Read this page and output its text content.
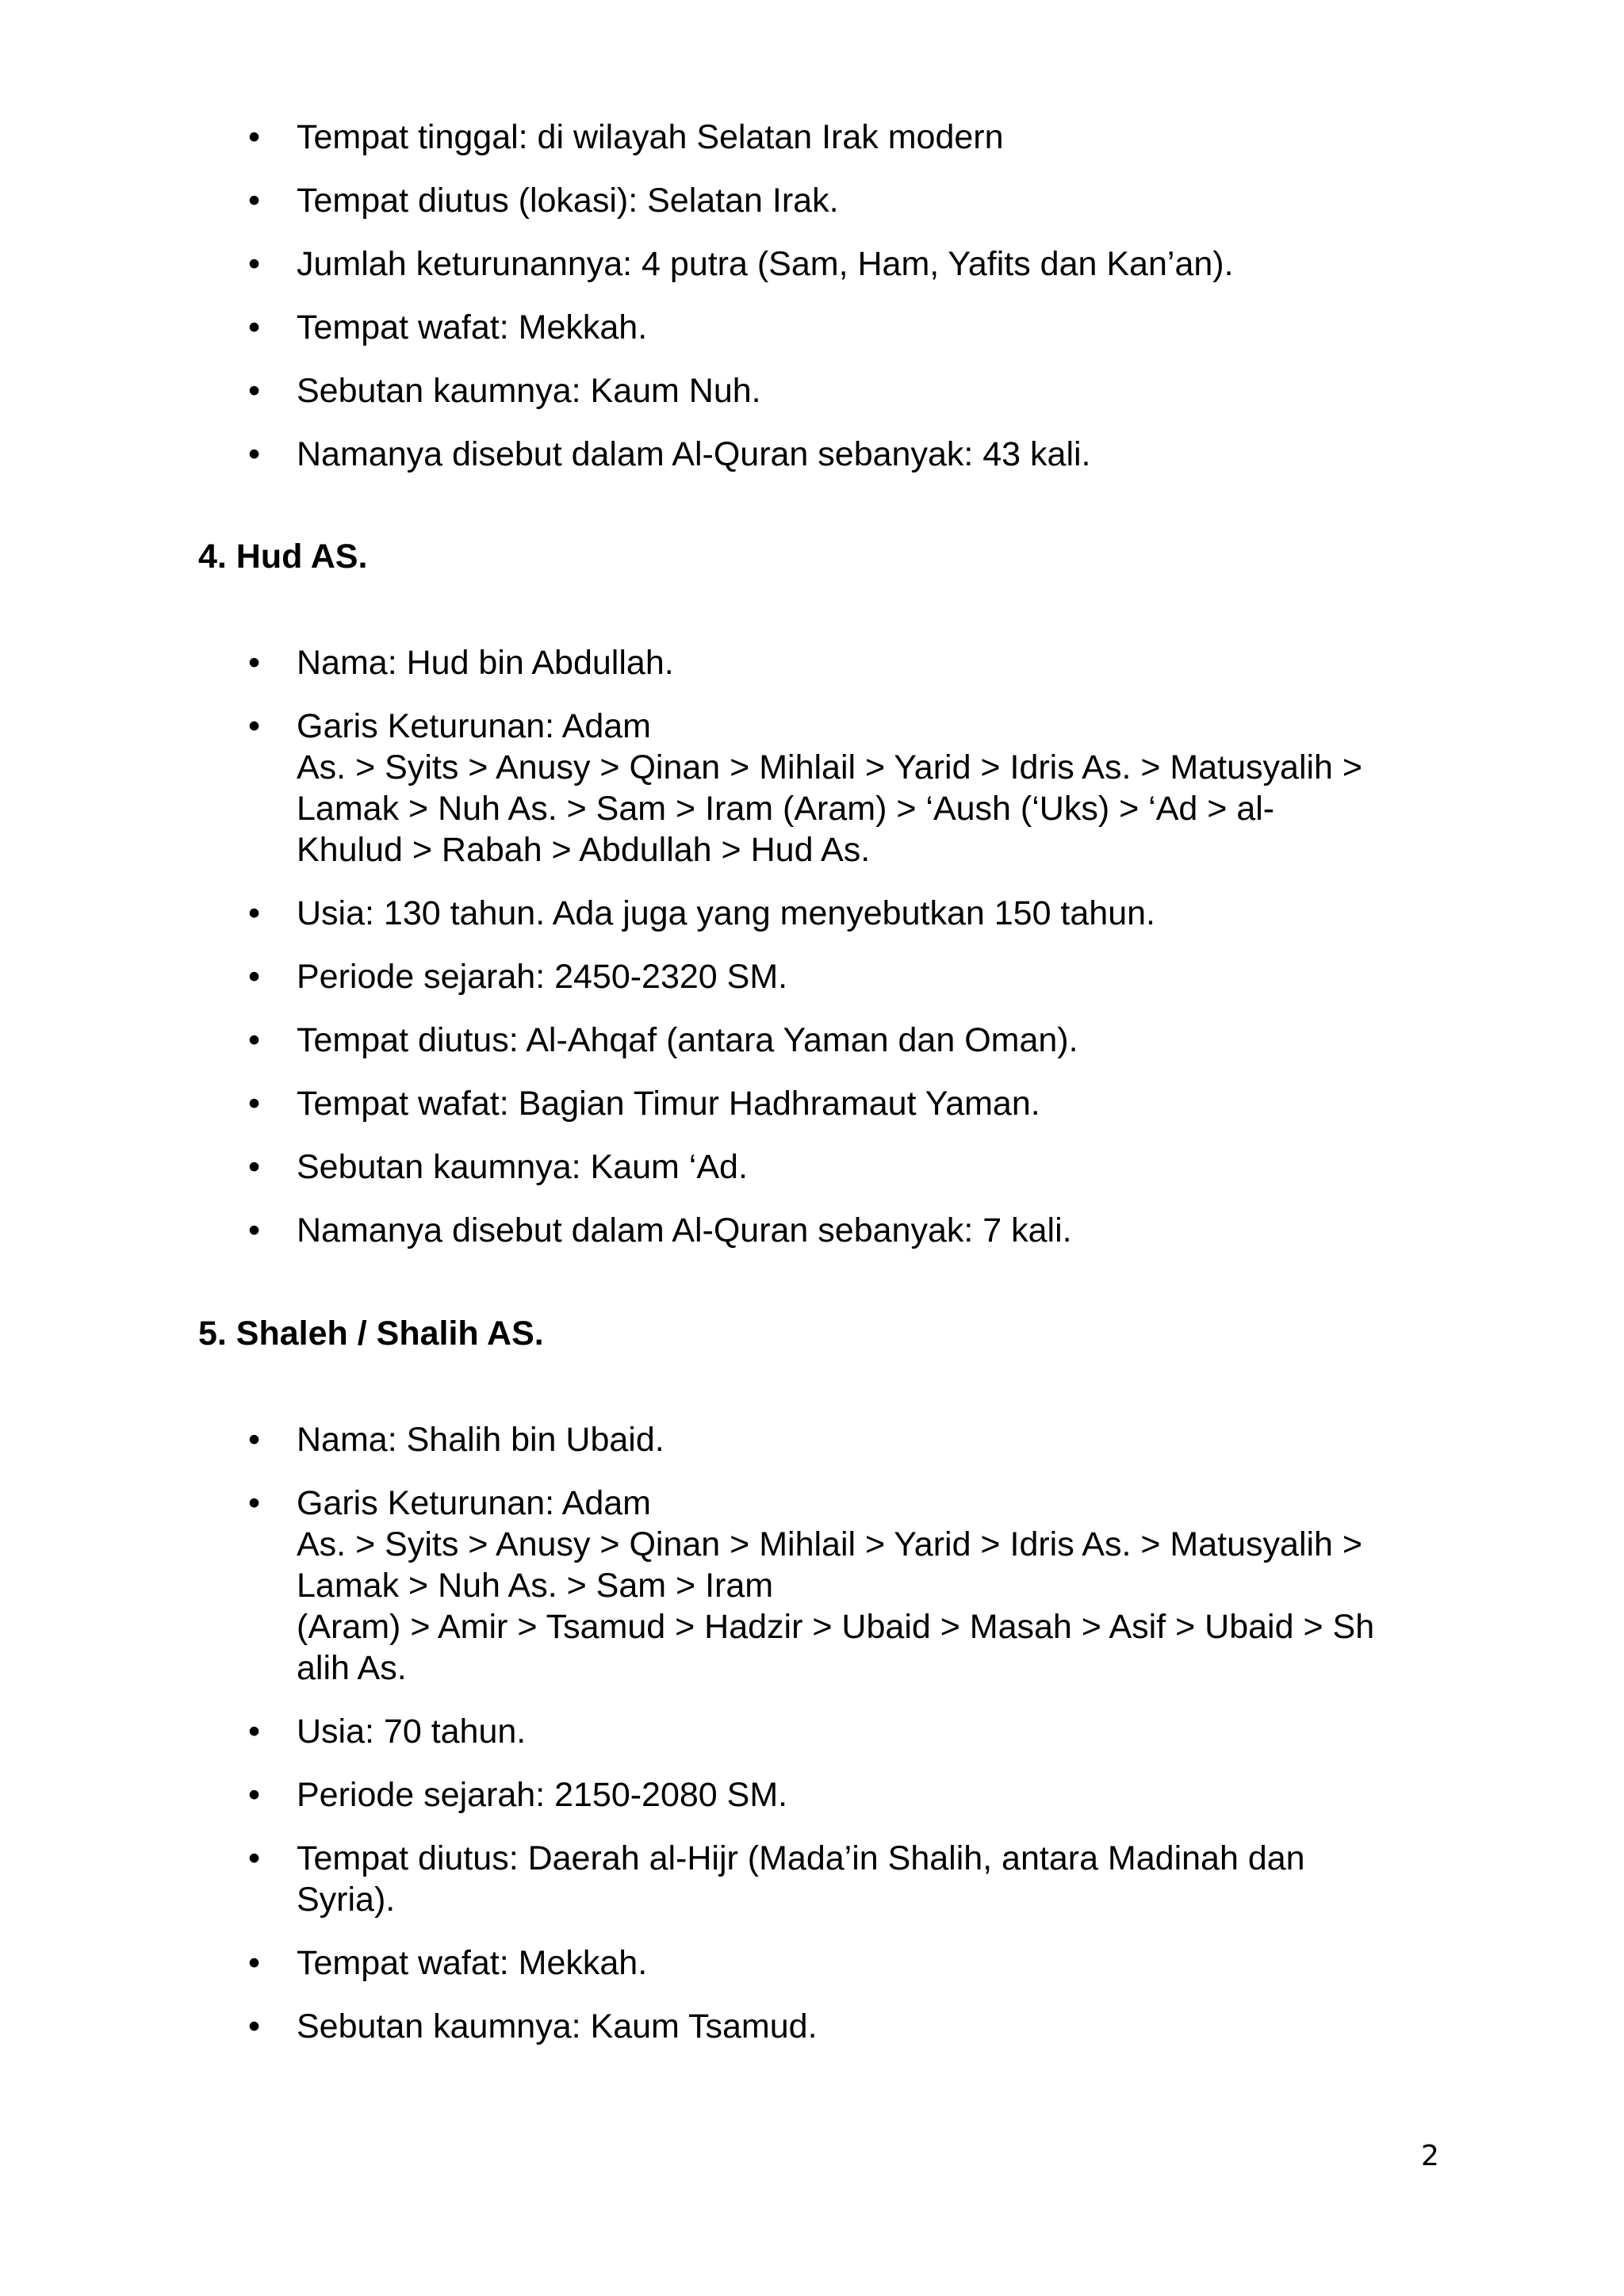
• Tempat tinggal: di wilayah Selatan Irak modern
• Tempat diutus (lokasi): Selatan Irak.
• Jumlah keturunannya: 4 putra (Sam, Ham, Yafits dan Kan’an).
• Tempat wafat: Mekkah.
• Sebutan kaumnya: Kaum Nuh.
• Namanya disebut dalam Al-Quran sebanyak: 43 kali.
4. Hud AS.
• Nama: Hud bin Abdullah.
• Garis Keturunan: Adam
As. > Syits > Anusy > Qinan > Mihlail > Yarid > Idris As. > Matusyalih >
Lamak > Nuh As. > Sam > Iram (Aram) > ‘Aush (‘Uks) > ‘Ad > al-
Khulud > Rabah > Abdullah > Hud As.
• Usia: 130 tahun. Ada juga yang menyebutkan 150 tahun.
• Periode sejarah: 2450-2320 SM.
• Tempat diutus: Al-Ahqaf (antara Yaman dan Oman).
• Tempat wafat: Bagian Timur Hadhramaut Yaman.
• Sebutan kaumnya: Kaum ‘Ad.
• Namanya disebut dalam Al-Quran sebanyak: 7 kali.
5. Shaleh / Shalih AS.
• Nama: Shalih bin Ubaid.
• Garis Keturunan: Adam
As. > Syits > Anusy > Qinan > Mihlail > Yarid > Idris As. > Matusyalih >
Lamak > Nuh As. > Sam > Iram
(Aram) > Amir > Tsamud > Hadzir > Ubaid > Masah > Asif > Ubaid > Sh
alih As.
• Usia: 70 tahun.
• Periode sejarah: 2150-2080 SM.
• Tempat diutus: Daerah al-Hijr (Mada’in Shalih, antara Madinah dan
Syria).
• Tempat wafat: Mekkah.
• Sebutan kaumnya: Kaum Tsamud.
2
